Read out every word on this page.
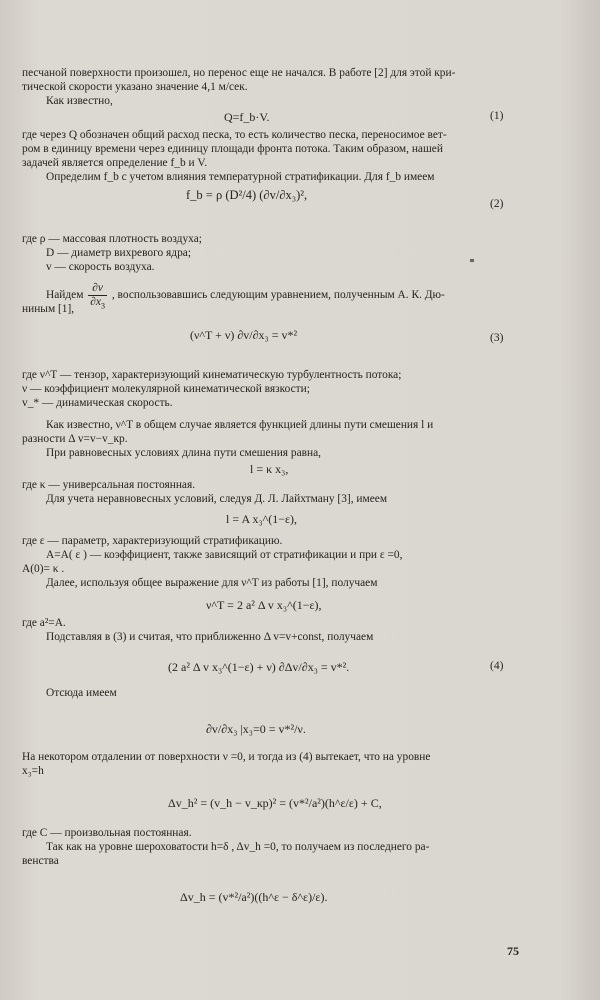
песчаной поверхности произошел, но перенос еще не начался. В работе [2] для этой кри-
тической скорости указано значение 4,1 м/сек.
Как известно,
Q=f_b·V.	(1)
где через Q обозначен общий расход песка, то есть количество песка, переносимое вет-
ром в единицу времени через единицу площади фронта потока. Таким образом, нашей
задачей является определение f_b и V.
Определим f_b с учетом влияния температурной стратификации. Для f_b имеем
f_b = ρ (D²/4) (∂v/∂x₃)²,
(2)
где ρ — массовая плотность воздуха;
D — диаметр вихревого ядра;
v — скорость воздуха.
Найдем $\frac{\partial v}{\partial x_3}$ , воспользовавшись следующим уравнением, полученным А. К. Дю-
ниным [1],
(ν^T + ν) ∂v/∂x₃ = v*²	(3)
где ν^T — тензор, характеризующий кинематическую турбулентность потока;
ν — коэффициент молекулярной кинематической вязкости;
v_* — динамическая скорость.
Как известно, ν^T в общем случае является функцией длины пути смешения l и
разности Δ v=v−v_кр.
При равновесных условиях длина пути смешения равна,
l = κ x₃,
где κ — универсальная постоянная.
Для учета неравновесных условий, следуя Д. Л. Лайхтману [3], имеем
l = A x₃^(1−ε),
где ε — параметр, характеризующий стратификацию.
A=A( ε ) — коэффициент, также зависящий от стратификации и при ε =0,
A(0)= κ .
Далее, используя общее выражение для ν^T из работы [1], получаем
ν^T = 2 a² Δ v x₃^(1−ε),
где a²=A.
Подставляя в (3) и считая, что приближенно Δ v=v+const, получаем
(2 a² Δ v x₃^(1−ε) + ν) ∂Δv/∂x₃ = v*².	(4)
Отсюда имеем
∂v/∂x₃ |x₃=0 = v*²/ν.
На некотором отдалении от поверхности ν =0, и тогда из (4) вытекает, что на уровне
x₃=h
Δv_h² = (v_h − v_кр)² = (v*²/a²)(h^ε/ε) + C,
где C — произвольная постоянная.
Так как на уровне шероховатости h=δ , Δv_h =0, то получаем из последнего ра-
венства
Δv_h = (v*²/a²)((h^ε − δ^ε)/ε).
75
